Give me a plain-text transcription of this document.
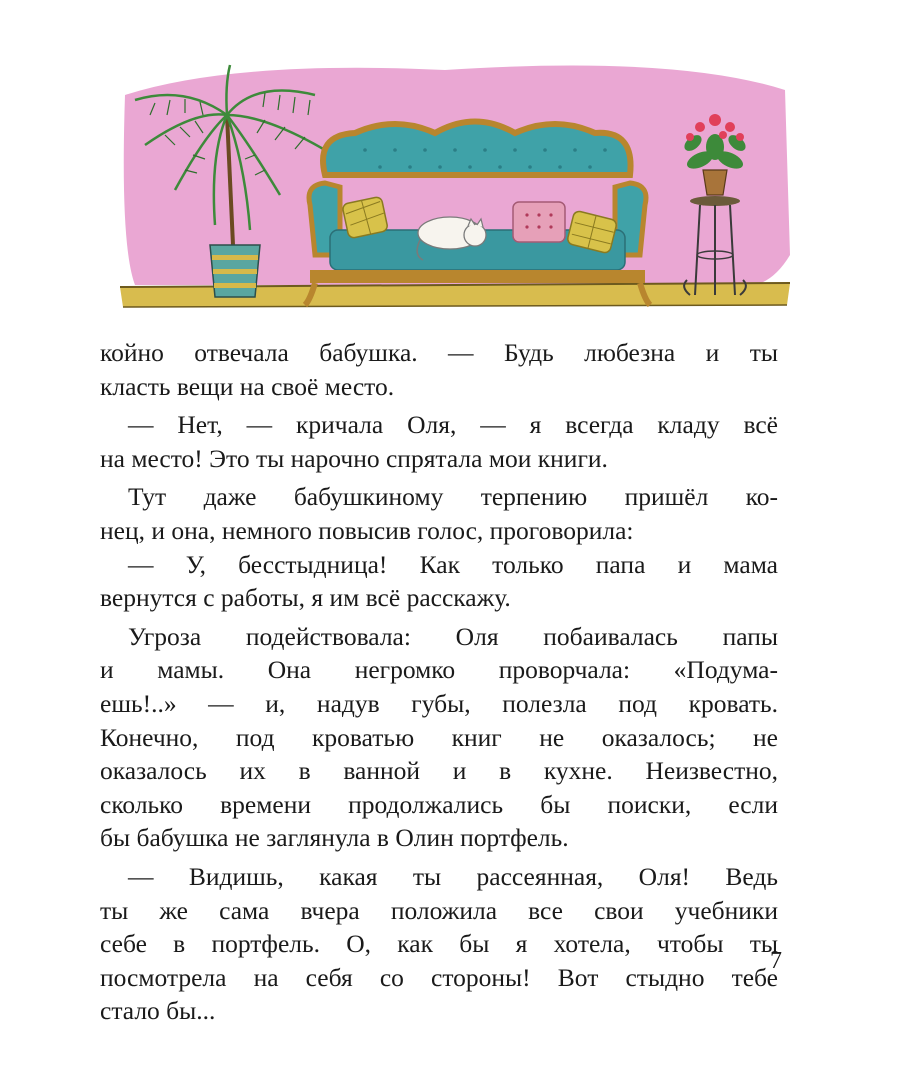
койно отвечала бабушка. — Будь любезна и ты
класть вещи на своё место.
— Нет, — кричала Оля, — я всегда кладу всё
на место! Это ты нарочно спрятала мои книги.
Тут даже бабушкиному терпению пришёл ко-
нец, и она, немного повысив голос, проговорила:
— У, бесстыдница! Как только папа и мама
вернутся с работы, я им всё расскажу.
Угроза подействовала: Оля побаивалась папы
и мамы. Она негромко проворчала: «Подума-
ешь!..» — и, надув губы, полезла под кровать.
Конечно, под кроватью книг не оказалось; не
оказалось их в ванной и в кухне. Неизвестно,
сколько времени продолжались бы поиски, если
бы бабушка не заглянула в Олин портфель.
— Видишь, какая ты рассеянная, Оля! Ведь
ты же сама вчера положила все свои учебники
себе в портфель. О, как бы я хотела, чтобы ты
посмотрела на себя со стороны! Вот стыдно тебе
стало бы...
7
